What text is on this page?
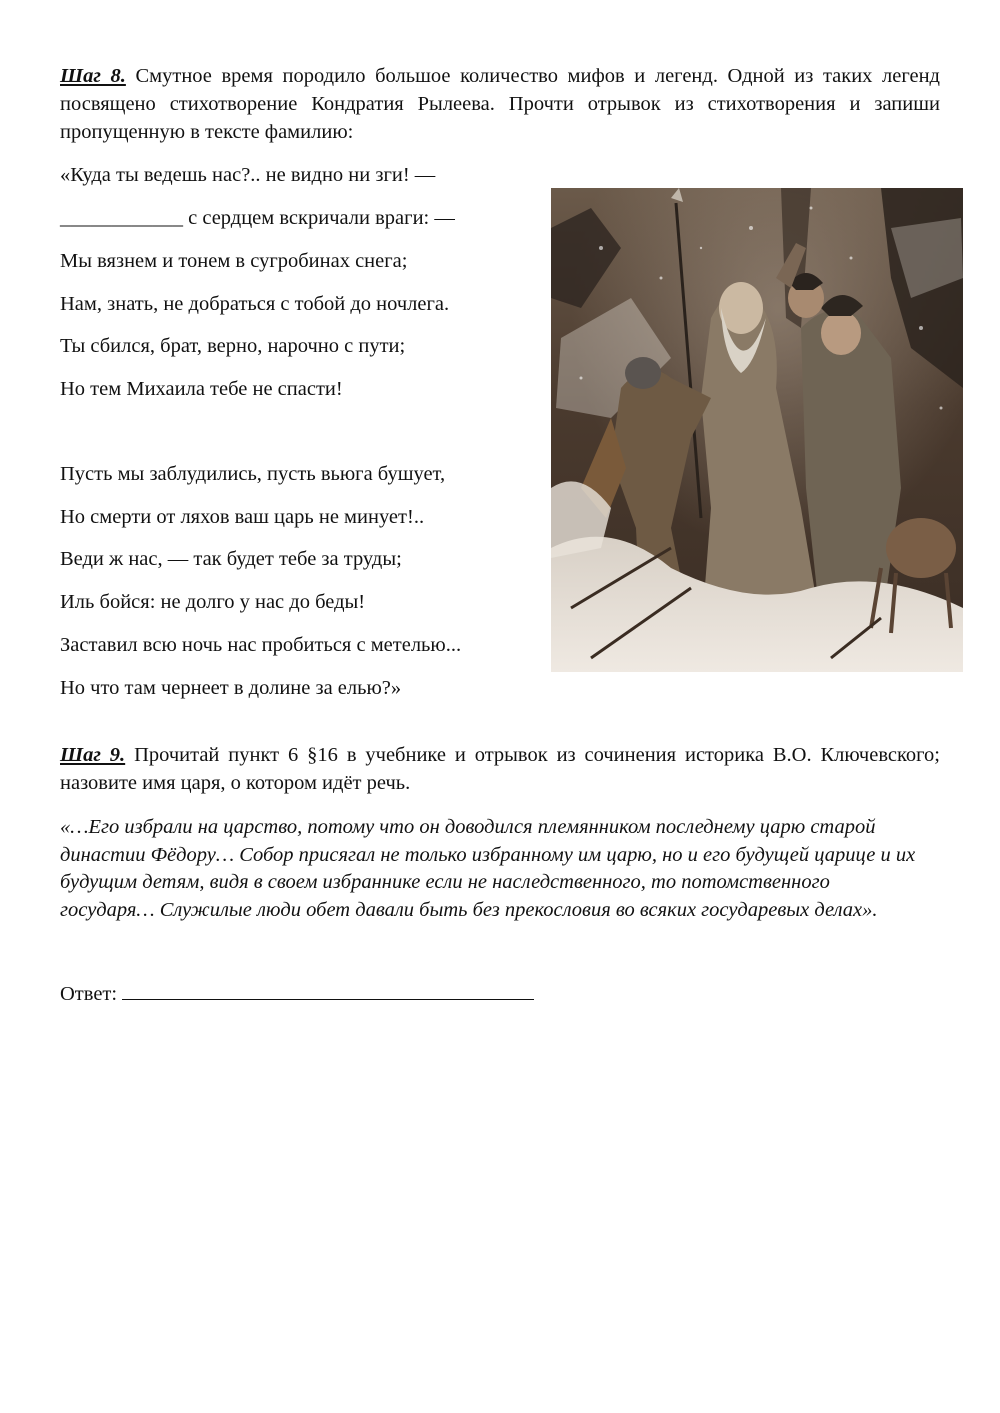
Шаг 8. Смутное время породило большое количество мифов и легенд. Одной из таких легенд посвящено стихотворение Кондратия Рылеева. Прочти отрывок из стихотворения и запиши пропущенную в тексте фамилию:

«Куда ты ведешь нас?.. не видно ни зги! —
____________ с сердцем вскричали враги: —
Мы вязнем и тонем в сугробинах снега;
Нам, знать, не добраться с тобой до ночлега.
Ты сбился, брат, верно, нарочно с пути;
Но тем Михаила тебе не спасти!
Пусть мы заблудились, пусть вьюга бушует,
Но смерти от ляхов ваш царь не минует!..
Веди ж нас, — так будет тебе за труды;
Иль бойся: не долго у нас до беды!
Заставил всю ночь нас пробиться с метелью...
Но что там чернеет в долине за елью?»

Шаг 9. Прочитай пункт 6 §16 в учебнике и отрывок из сочинения историка В.О. Ключевского; назовите имя царя, о котором идёт речь.

«…Его избрали на царство, потому что он доводился племянником последнему царю старой династии Фёдору… Собор присягал не только избранному им царю, но и его будущей царице и их будущим детям, видя в своем избраннике если не наследственного, то потомственного государя… Служилые люди обет давали быть без прекословия во всяких государевых делах».

Ответ:
